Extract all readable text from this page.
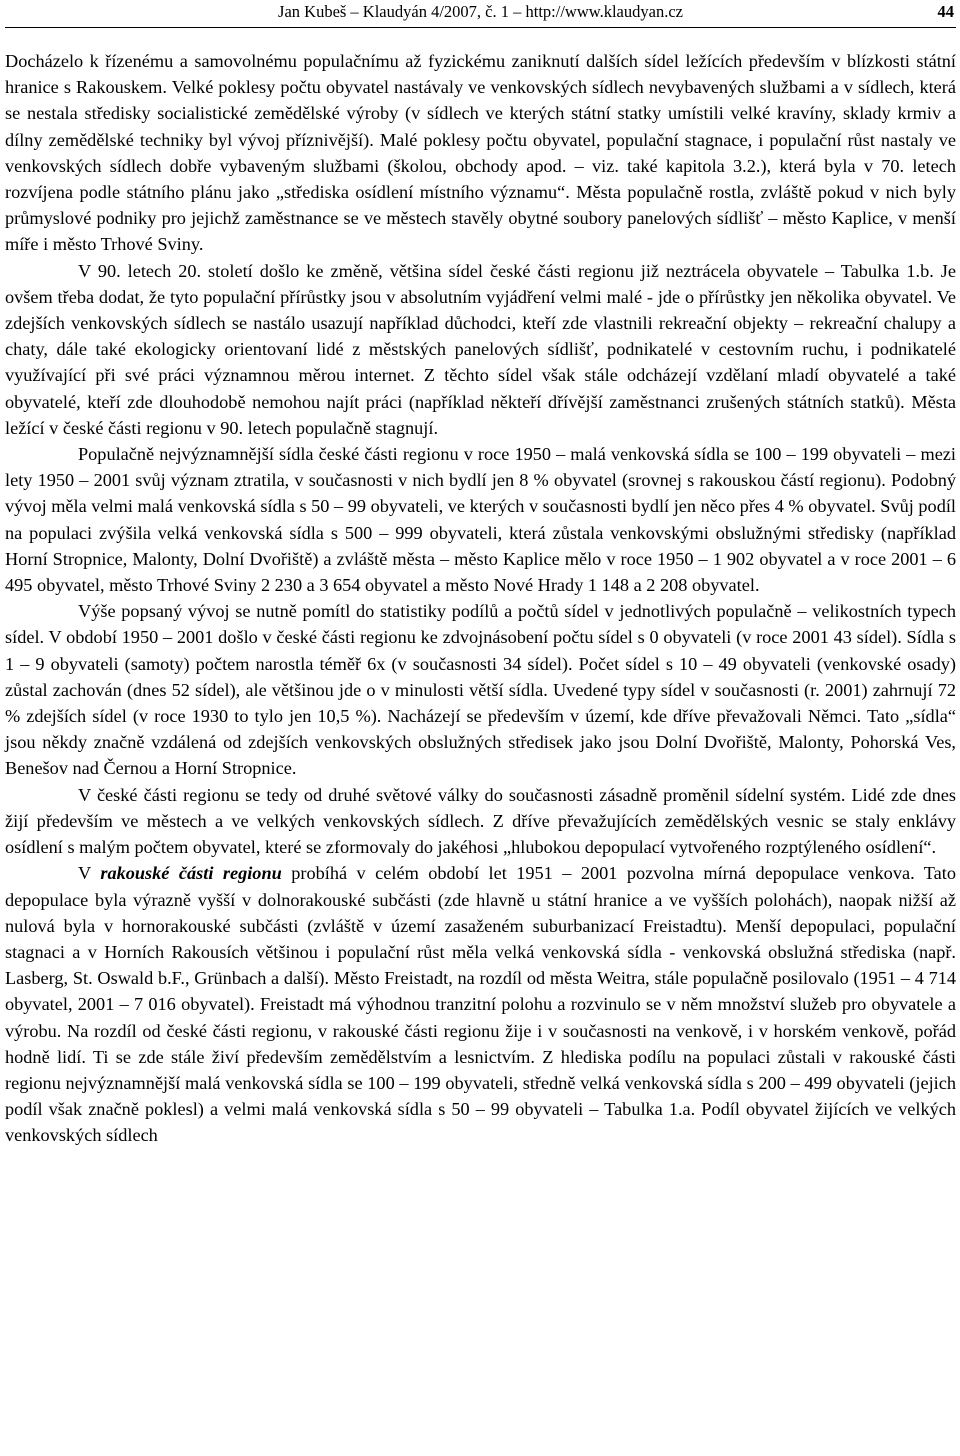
Jan Kubeš – Klaudyán 4/2007, č. 1 – http://www.klaudyan.cz	44

Docházelo k řízenému a samovolnému populačnímu až fyzickému zaniknutí dalších sídel ležících především v blízkosti státní hranice s Rakouskem. Velké poklesy počtu obyvatel nastávaly ve venkovských sídlech nevybavených službami a v sídlech, která se nestala středisky socialistické zemědělské výroby (v sídlech ve kterých státní statky umístili velké kravíny, sklady krmiv a dílny zemědělské techniky byl vývoj příznivější). Malé poklesy počtu obyvatel, populační stagnace, i populační růst nastaly ve venkovských sídlech dobře vybaveným službami (školou, obchody apod. – viz. také kapitola 3.2.), která byla v 70. letech rozvíjena podle státního plánu jako „střediska osídlení místního významu“. Města populačně rostla, zvláště pokud v nich byly průmyslové podniky pro jejichž zaměstnance se ve městech stavěly obytné soubory panelových sídlišť – město Kaplice, v menší míře i město Trhové Sviny.

V 90. letech 20. století došlo ke změně, většina sídel české části regionu již neztrácela obyvatele – Tabulka 1.b. Je ovšem třeba dodat, že tyto populační přírůstky jsou v absolutním vyjádření velmi malé - jde o přírůstky jen několika obyvatel. Ve zdejších venkovských sídlech se nastálo usazují například důchodci, kteří zde vlastnili rekreační objekty – rekreační chalupy a chaty, dále také ekologicky orientovaní lidé z městských panelových sídlišť, podnikatelé v cestovním ruchu, i podnikatelé využívající při své práci významnou měrou internet. Z těchto sídel však stále odcházejí vzdělaní mladí obyvatelé a také obyvatelé, kteří zde dlouhodobě nemohou najít práci (například někteří dřívější zaměstnanci zrušených státních statků). Města ležící v české části regionu v 90. letech populačně stagnují.

Populačně nejvýznamnější sídla české části regionu v roce 1950 – malá venkovská sídla se 100 – 199 obyvateli – mezi lety 1950 – 2001 svůj význam ztratila, v současnosti v nich bydlí jen 8 % obyvatel (srovnej s rakouskou částí regionu). Podobný vývoj měla velmi malá venkovská sídla s 50 – 99 obyvateli, ve kterých v současnosti bydlí jen něco přes 4 % obyvatel. Svůj podíl na populaci zvýšila velká venkovská sídla s 500 – 999 obyvateli, která zůstala venkovskými obslužnými středisky (například Horní Stropnice, Malonty, Dolní Dvořiště) a zvláště města – město Kaplice mělo v roce 1950 – 1 902 obyvatel a v roce 2001 – 6 495 obyvatel, město Trhové Sviny 2 230 a 3 654 obyvatel a město Nové Hrady 1 148 a 2 208 obyvatel.

Výše popsaný vývoj se nutně pomítl do statistiky podílů a počtů sídel v jednotlivých populačně – velikostních typech sídel. V období 1950 – 2001 došlo v české části regionu ke zdvojnásobení počtu sídel s 0 obyvateli (v roce 2001 43 sídel). Sídla s 1 – 9 obyvateli (samoty) počtem narostla téměř 6x (v současnosti 34 sídel). Počet sídel s 10 – 49 obyvateli (venkovské osady) zůstal zachován (dnes 52 sídel), ale většinou jde o v minulosti větší sídla. Uvedené typy sídel v současnosti (r. 2001) zahrnují 72 % zdejších sídel (v roce 1930 to tylo jen 10,5 %). Nacházejí se především v území, kde dříve převažovali Němci. Tato „sídla“ jsou někdy značně vzdálená od zdejších venkovských obslužných středisek jako jsou Dolní Dvořiště, Malonty, Pohorská Ves, Benešov nad Černou a Horní Stropnice.

V české části regionu se tedy od druhé světové války do současnosti zásadně proměnil sídelní systém. Lidé zde dnes žijí především ve městech a ve velkých venkovských sídlech. Z dříve převažujících zemědělských vesnic se staly enklávy osídlení s malým počtem obyvatel, které se zformovaly do jakéhosi „hlubokou depopulací vytvořeného rozptýleného osídlení“.

V rakouské části regionu probíhá v celém období let 1951 – 2001 pozvolna mírná depopulace venkova. Tato depopulace byla výrazně vyšší v dolnorakouské subčásti (zde hlavně u státní hranice a ve vyšších polohách), naopak nižší až nulová byla v hornorakouské subčásti (zvláště v území zasaženém suburbanizací Freistadtu). Menší depopulaci, populační stagnaci a v Horních Rakousích většinou i populační růst měla velká venkovská sídla - venkovská obslužná střediska (např. Lasberg, St. Oswald b.F., Grünbach a další). Město Freistadt, na rozdíl od města Weitra, stále populačně posilovalo (1951 – 4 714 obyvatel, 2001 – 7 016 obyvatel). Freistadt má výhodnou tranzitní polohu a rozvinulo se v něm množství služeb pro obyvatele a výrobu. Na rozdíl od české části regionu, v rakouské části regionu žije i v současnosti na venkově, i v horském venkově, pořád hodně lidí. Ti se zde stále živí především zemědělstvím a lesnictvím. Z hlediska podílu na populaci zůstali v rakouské části regionu nejvýznamnější malá venkovská sídla se 100 – 199 obyvateli, středně velká venkovská sídla s 200 – 499 obyvateli (jejich podíl však značně poklesl) a velmi malá venkovská sídla s 50 – 99 obyvateli – Tabulka 1.a. Podíl obyvatel žijících ve velkých venkovských sídlech
